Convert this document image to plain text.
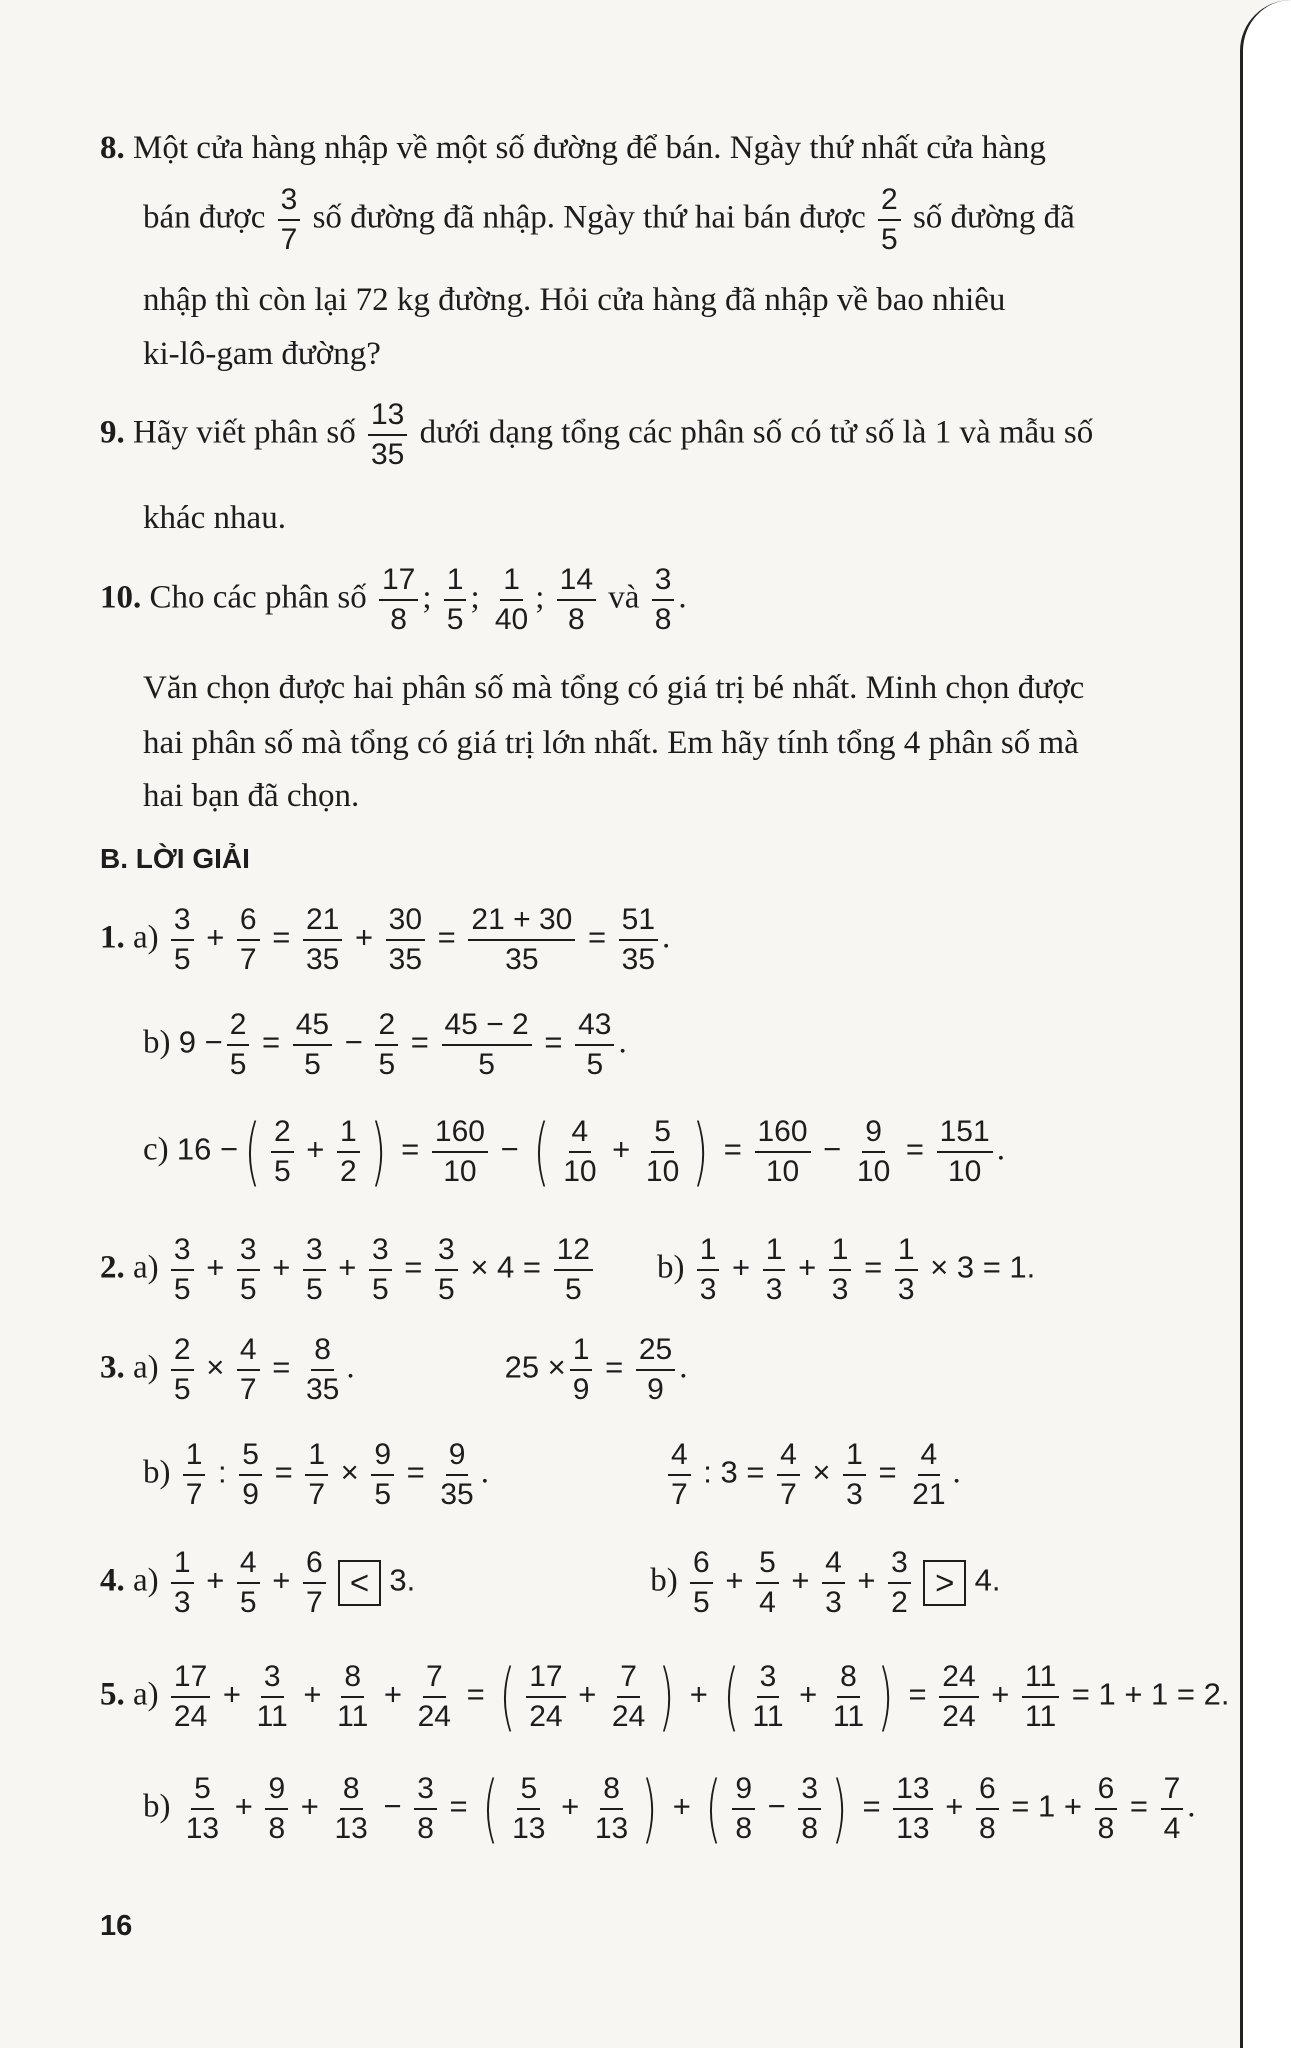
8. Một cửa hàng nhập về một số đường để bán. Ngày thứ nhất cửa hàng
bán được $\frac{3}{7}$ số đường đã nhập. Ngày thứ hai bán được $\frac{2}{5}$ số đường đã
nhập thì còn lại 72 kg đường. Hỏi cửa hàng đã nhập về bao nhiêu
ki-lô-gam đường?
9. Hãy viết phân số $\frac{13}{35}$ dưới dạng tổng các phân số có tử số là 1 và mẫu số
khác nhau.
10. Cho các phân số $\frac{17}{8}$ ; $\frac{1}{5}$ ; $\frac{1}{40}$ ; $\frac{14}{8}$ và $\frac{3}{8}$ .
Văn chọn được hai phân số mà tổng có giá trị bé nhất. Minh chọn được
hai phân số mà tổng có giá trị lớn nhất. Em hãy tính tổng 4 phân số mà
hai bạn đã chọn.
B. LỜI GIẢI
1. $a) \frac{3}{5} + \frac{6}{7} = \frac{21}{35} + \frac{30}{35} = \frac{21 + 30}{35} = \frac{51}{35}$ .
b) $9 - \frac{2}{5} = \frac{45}{5} - \frac{2}{5} = \frac{45 - 2}{5} = \frac{43}{5}$ .
c) 16 −( $\frac{2}{5} + \frac{1}{2}$ ) = $\frac{160}{10}$ − ( $\frac{4}{10} + \frac{5}{10}$ ) = $\frac{160}{10} - \frac{9}{10} = \frac{151}{10}$ .
2. $a) \frac{3}{5} + \frac{3}{5} + \frac{3}{5} + \frac{3}{5} = \frac{3}{5} \times 4 = \frac{12}{5} b) \frac{1}{3} + \frac{1}{3} + \frac{1}{3} = \frac{1}{3} \times 3 = 1$.
3. $a) \frac{2}{5} \times \frac{4}{7} = \frac{8}{35}$ .	$25 \times \frac{1}{9} = \frac{25}{9}$ .
$b) \frac{1}{7}$ : $\frac{5}{9} = \frac{1}{7} \times \frac{9}{5} = \frac{9}{35}$ .	$\frac{4}{7}$ : $3 = \frac{4}{7} \times \frac{1}{3} = \frac{4}{21}$ .
4. $a) \frac{1}{3} + \frac{4}{5} + \frac{6}{7} < 3$.	$b) \frac{6}{5} + \frac{5}{4} + \frac{4}{3} + \frac{3}{2} > 4$.
5. $a) \frac{17}{24} + \frac{3}{11} + \frac{8}{11} + \frac{7}{24}$ = ( $\frac{17}{24} + \frac{7}{24}$ ) + ( $\frac{3}{11} + \frac{8}{11}$ ) = $\frac{24}{24} + \frac{11}{11} = 1 + 1 = 2$.
$b) \frac{5}{13} + \frac{9}{8} + \frac{8}{13} - \frac{3}{8}$ = ( $\frac{5}{13} + \frac{8}{13}$ ) + ( $\frac{9}{8} - \frac{3}{8}$ ) = $\frac{13}{13} + \frac{6}{8} = 1 + \frac{6}{8} = \frac{7}{4}$ .
16
